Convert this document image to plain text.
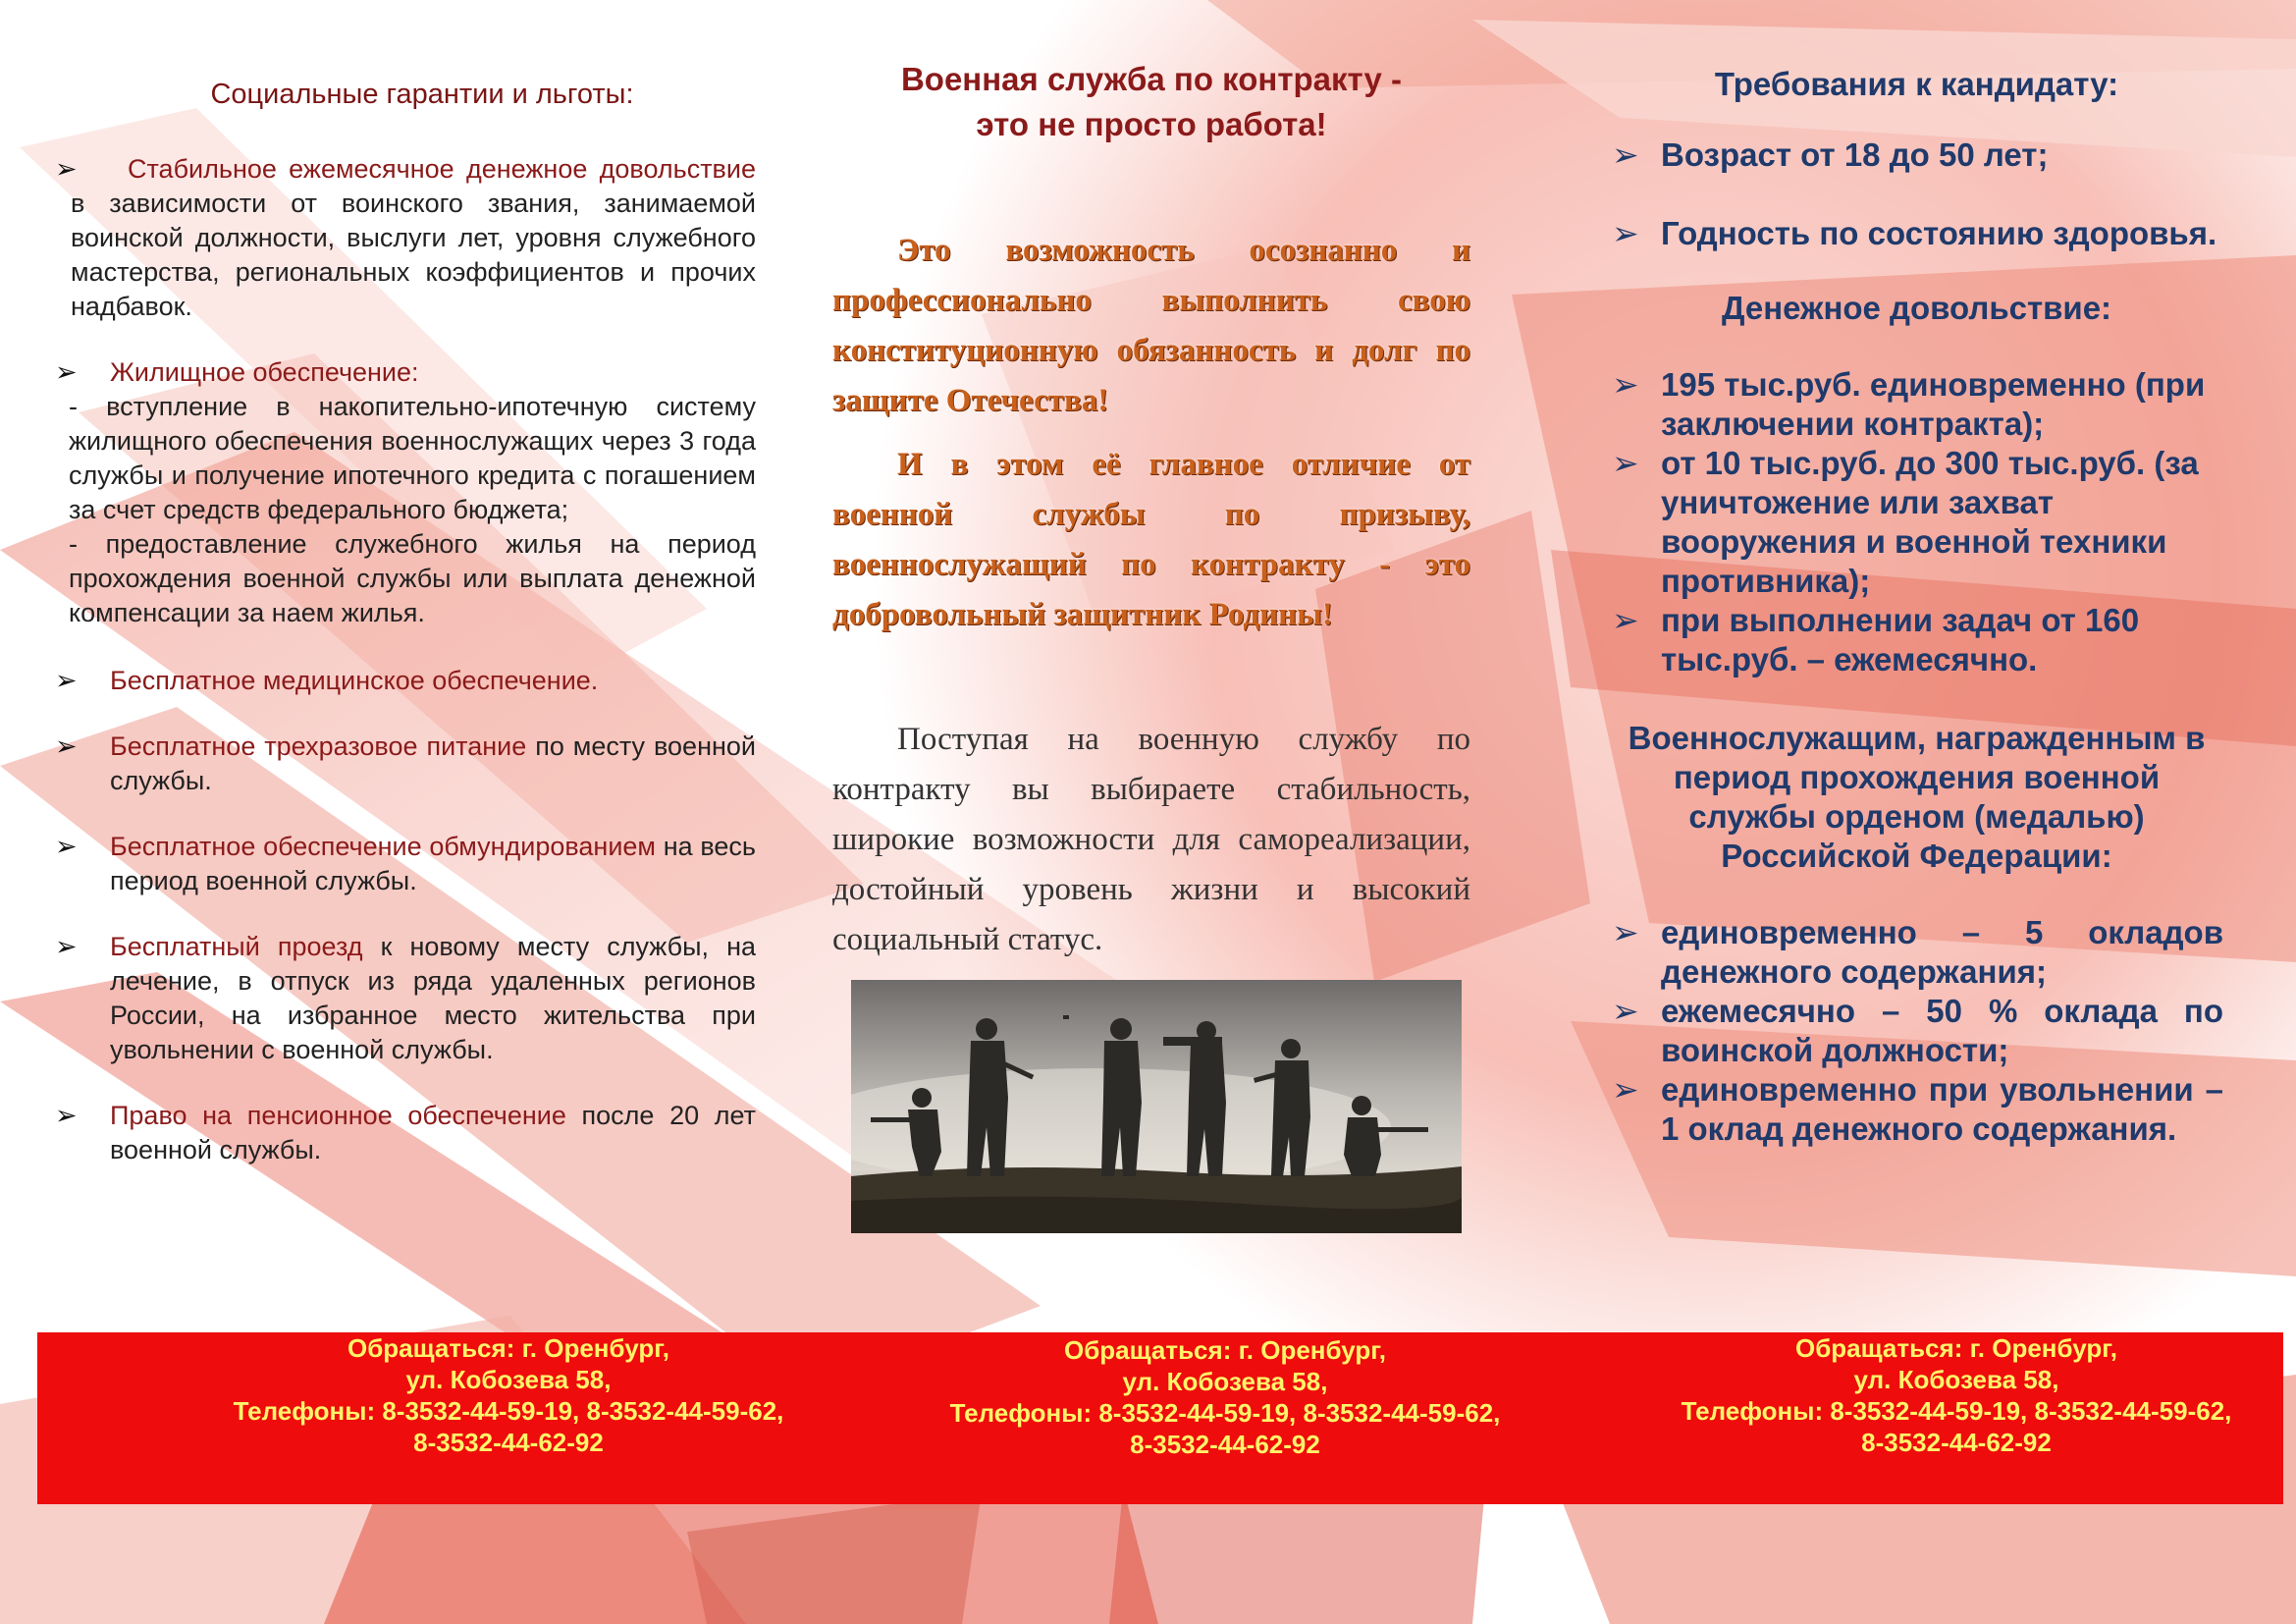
Социальные гарантии и льготы:
➢ Стабильное ежемесячное денежное довольствие в зависимости от воинского звания, занимаемой воинской должности, выслуги лет, уровня служебного мастерства, региональных коэффициентов и прочих надбавок.
➢ Жилищное обеспечение:
- вступление в накопительно-ипотечную систему жилищного обеспечения военнослужащих через 3 года службы и получение ипотечного кредита с погашением за счет средств федерального бюджета;
- предоставление служебного жилья на период прохождения военной службы или выплата денежной компенсации за наем жилья.
➢ Бесплатное медицинское обеспечение.
➢ Бесплатное трехразовое питание по месту военной службы.
➢ Бесплатное обеспечение обмундированием на весь период военной службы.
➢ Бесплатный проезд к новому месту службы, на лечение, в отпуск из ряда удаленных регионов России, на избранное место жительства при увольнении с военной службы.
➢ Право на пенсионное обеспечение после 20 лет военной службы.
Военная служба по контракту -
это не просто работа!

Это возможность осознанно и профессионально выполнить свою конституционную обязанность и долг по защите Отечества!

И в этом её главное отличие от военной службы по призыву, военнослужащий по контракту - это добровольный защитник Родины!

Поступая на военную службу по контракту вы выбираете стабильность, широкие возможности для самореализации, достойный уровень жизни и высокий социальный статус.
Требования к кандидату:
➢ Возраст от 18 до 50 лет;
➢ Годность по состоянию здоровья.
Денежное довольствие:
➢ 195 тыс.руб. единовременно (при заключении контракта);
➢ от 10 тыс.руб. до 300 тыс.руб. (за уничтожение или захват вооружения и военной техники противника);
➢ при выполнении задач от 160 тыс.руб. – ежемесячно.
Военнослужащим, награжденным в период прохождения военной службы орденом (медалью) Российской Федерации:
➢ единовременно – 5 окладов денежного содержания;
➢ ежемесячно – 50 % оклада по воинской должности;
➢ единовременно при увольнении – 1 оклад денежного содержания.
Обращаться: г. Оренбург,
ул. Кобозева 58,
Телефоны: 8-3532-44-59-19, 8-3532-44-59-62,
8-3532-44-62-92
Обращаться: г. Оренбург,
ул. Кобозева 58,
Телефоны: 8-3532-44-59-19, 8-3532-44-59-62,
8-3532-44-62-92
Обращаться: г. Оренбург,
ул. Кобозева 58,
Телефоны: 8-3532-44-59-19, 8-3532-44-59-62,
8-3532-44-62-92
